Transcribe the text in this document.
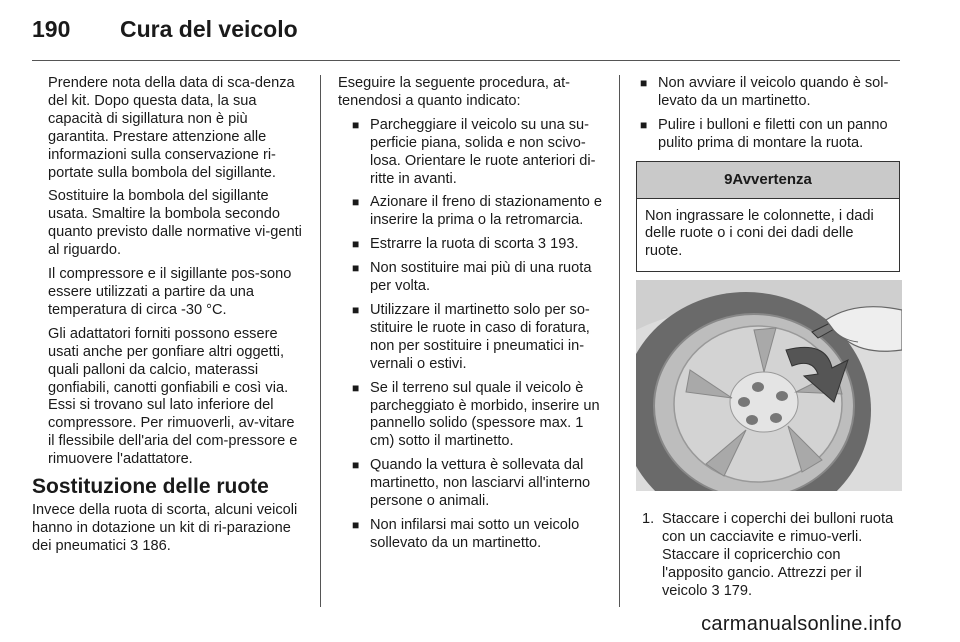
190 Cura del veicolo

Prendere nota della data di sca-denza del kit. Dopo questa data, la sua capacità di sigillatura non è più garantita. Prestare attenzione alle informazioni sulla conservazione ri-portate sulla bombola del sigillante.

Sostituire la bombola del sigillante usata. Smaltire la bombola secondo quanto previsto dalle normative vi-genti al riguardo.

Il compressore e il sigillante pos-sono essere utilizzati a partire da una temperatura di circa -30 °C.

Gli adattatori forniti possono essere usati anche per gonfiare altri oggetti, quali palloni da calcio, materassi gonfiabili, canotti gonfiabili e così via. Essi si trovano sul lato inferiore del compressore. Per rimuoverli, av-vitare il flessibile dell'aria del com-pressore e rimuovere l'adattatore.

Sostituzione delle ruote

Invece della ruota di scorta, alcuni veicoli hanno in dotazione un kit di ri-parazione dei pneumatici 3 186.

Eseguire la seguente procedura, at-tenendosi a quanto indicato:

■ Parcheggiare il veicolo su una su-perficie piana, solida e non scivo-losa. Orientare le ruote anteriori di-ritte in avanti.
■ Azionare il freno di stazionamento e inserire la prima o la retromarcia.
■ Estrarre la ruota di scorta 3 193.
■ Non sostituire mai più di una ruota per volta.
■ Utilizzare il martinetto solo per so-stituire le ruote in caso di foratura, non per sostituire i pneumatici in-vernali o estivi.
■ Se il terreno sul quale il veicolo è parcheggiato è morbido, inserire un pannello solido (spessore max. 1 cm) sotto il martinetto.
■ Quando la vettura è sollevata dal martinetto, non lasciarvi all'interno persone o animali.
■ Non infilarsi mai sotto un veicolo sollevato da un martinetto.
■ Non avviare il veicolo quando è sol-levato da un martinetto.
■ Pulire i bulloni e filetti con un panno pulito prima di montare la ruota.
9Avvertenza
Non ingrassare le colonnette, i dadi delle ruote o i coni dei dadi delle ruote.
1. Staccare i coperchi dei bulloni ruota con un cacciavite e rimuo-verli. Staccare il copricerchio con l'apposito gancio. Attrezzi per il veicolo 3 179.
carmanualsonline.info
